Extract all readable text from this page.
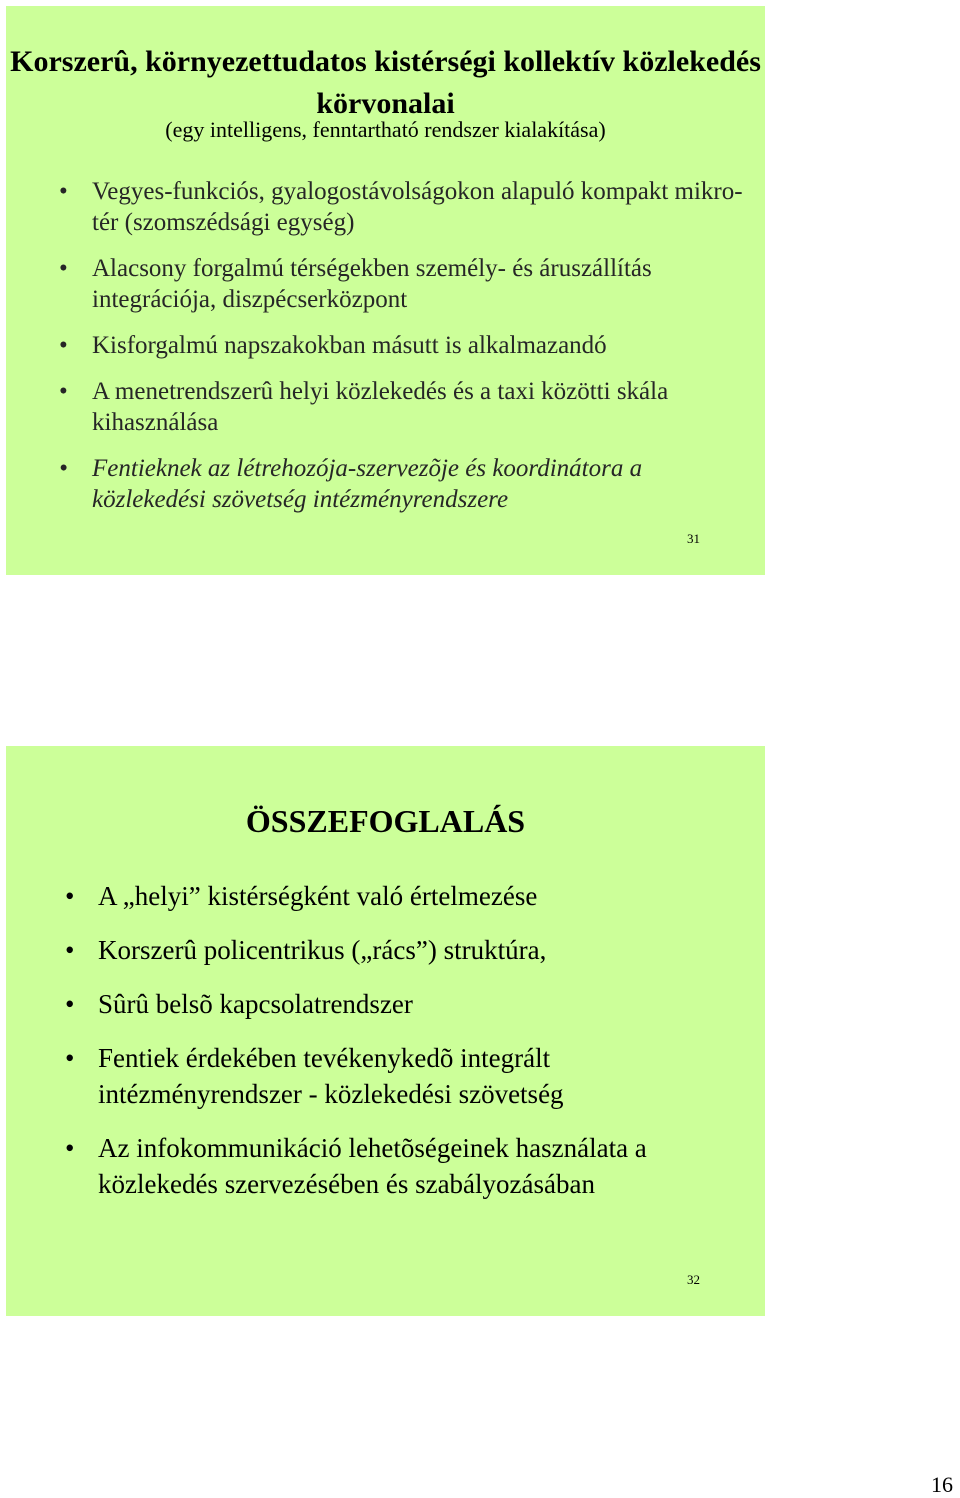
Korszerû, környezettudatos kistérségi kollektív közlekedés körvonalai
(egy intelligens, fenntartható rendszer kialakítása)
• Vegyes-funkciós, gyalogostávolságokon alapuló kompakt mikro-tér (szomszédsági egység)
• Alacsony forgalmú térségekben személy- és áruszállítás integrációja, diszpécserközpont
• Kisforgalmú napszakokban másutt is alkalmazandó
• A menetrendszerû helyi közlekedés és a taxi közötti skála kihasználása
• Fentieknek az létrehozója-szervezõje és koordinátora a közlekedési szövetség intézményrendszere
31
ÖSSZEFOGLALÁS
• A „helyi” kistérségként való értelmezése
• Korszerû policentrikus („rács”) struktúra,
• Sûrû belsõ kapcsolatrendszer
• Fentiek érdekében tevékenykedõ integrált intézményrendszer - közlekedési szövetség
• Az infokommunikáció lehetõségeinek használata a közlekedés szervezésében és szabályozásában
32
16
